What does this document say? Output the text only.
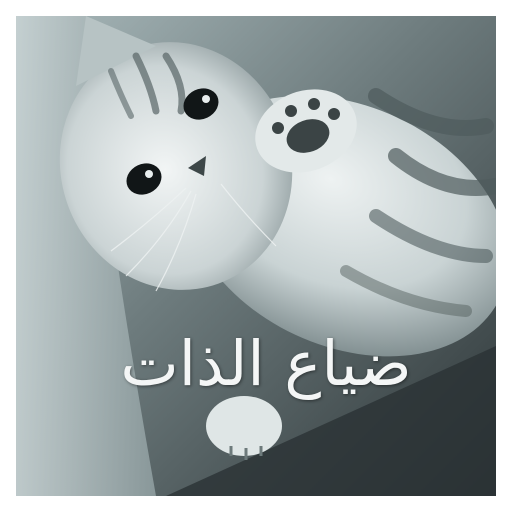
ضياع الذات
